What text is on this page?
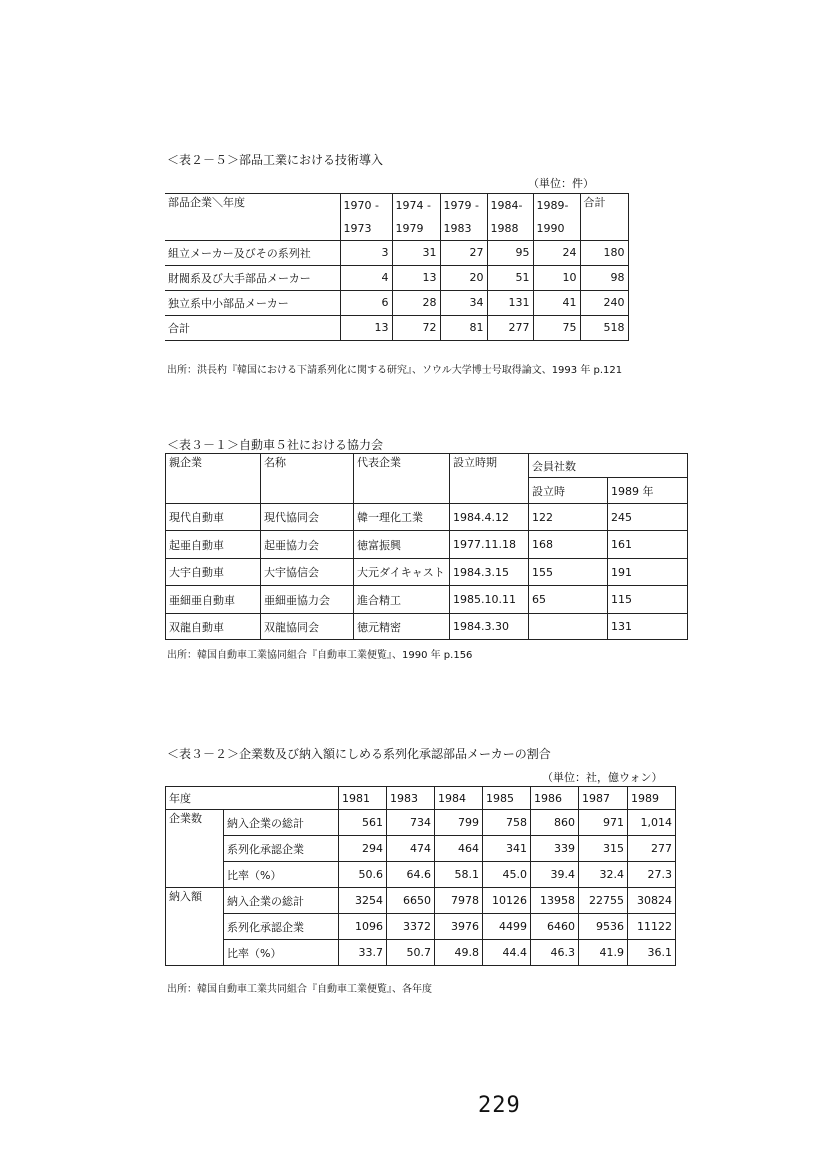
＜表２－５＞部品工業における技術導入
（単位：件）
部品企業＼年度	1970 -	1974 -	1979 -	1984-	1989-	合計
	1973	1979	1983	1988	1990	
組立メーカー及びその系列社	3	31	27	95	24	180
財閥系及び大手部品メーカー	4	13	20	51	10	98
独立系中小部品メーカー	6	28	34	131	41	240
合計	13	72	81	277	75	518
出所：洪長杓『韓国における下請系列化に関する研究』、ソウル大学博士号取得論文、1993 年 p.121
＜表３－１＞自動車５社における協力会
親企業	名称	代表企業	設立時期	会員社数	
				設立時	1989 年
現代自動車	現代協同会	韓一理化工業	1984.4.12	122	245
起亜自動車	起亜協力会	徳富振興	1977.11.18	168	161
大宇自動車	大宇協信会	大元ダイキャスト	1984.3.15	155	191
亜細亜自動車	亜細亜協力会	進合精工	1985.10.11	65	115
双龍自動車	双龍協同会	徳元精密	1984.3.30		131
出所：韓国自動車工業協同組合『自動車工業便覧』、1990 年 p.156
＜表３－２＞企業数及び納入額にしめる系列化承認部品メーカーの割合
（単位：社，億ウォン）
年度		1981	1983	1984	1985	1986	1987	1989
企業数	納入企業の総計	561	734	799	758	860	971	1,014
	系列化承認企業	294	474	464	341	339	315	277
	比率（%）	50.6	64.6	58.1	45.0	39.4	32.4	27.3
納入額	納入企業の総計	3254	6650	7978	10126	13958	22755	30824
	系列化承認企業	1096	3372	3976	4499	6460	9536	11122
	比率（%）	33.7	50.7	49.8	44.4	46.3	41.9	36.1
出所：韓国自動車工業共同組合『自動車工業便覧』、各年度
229
